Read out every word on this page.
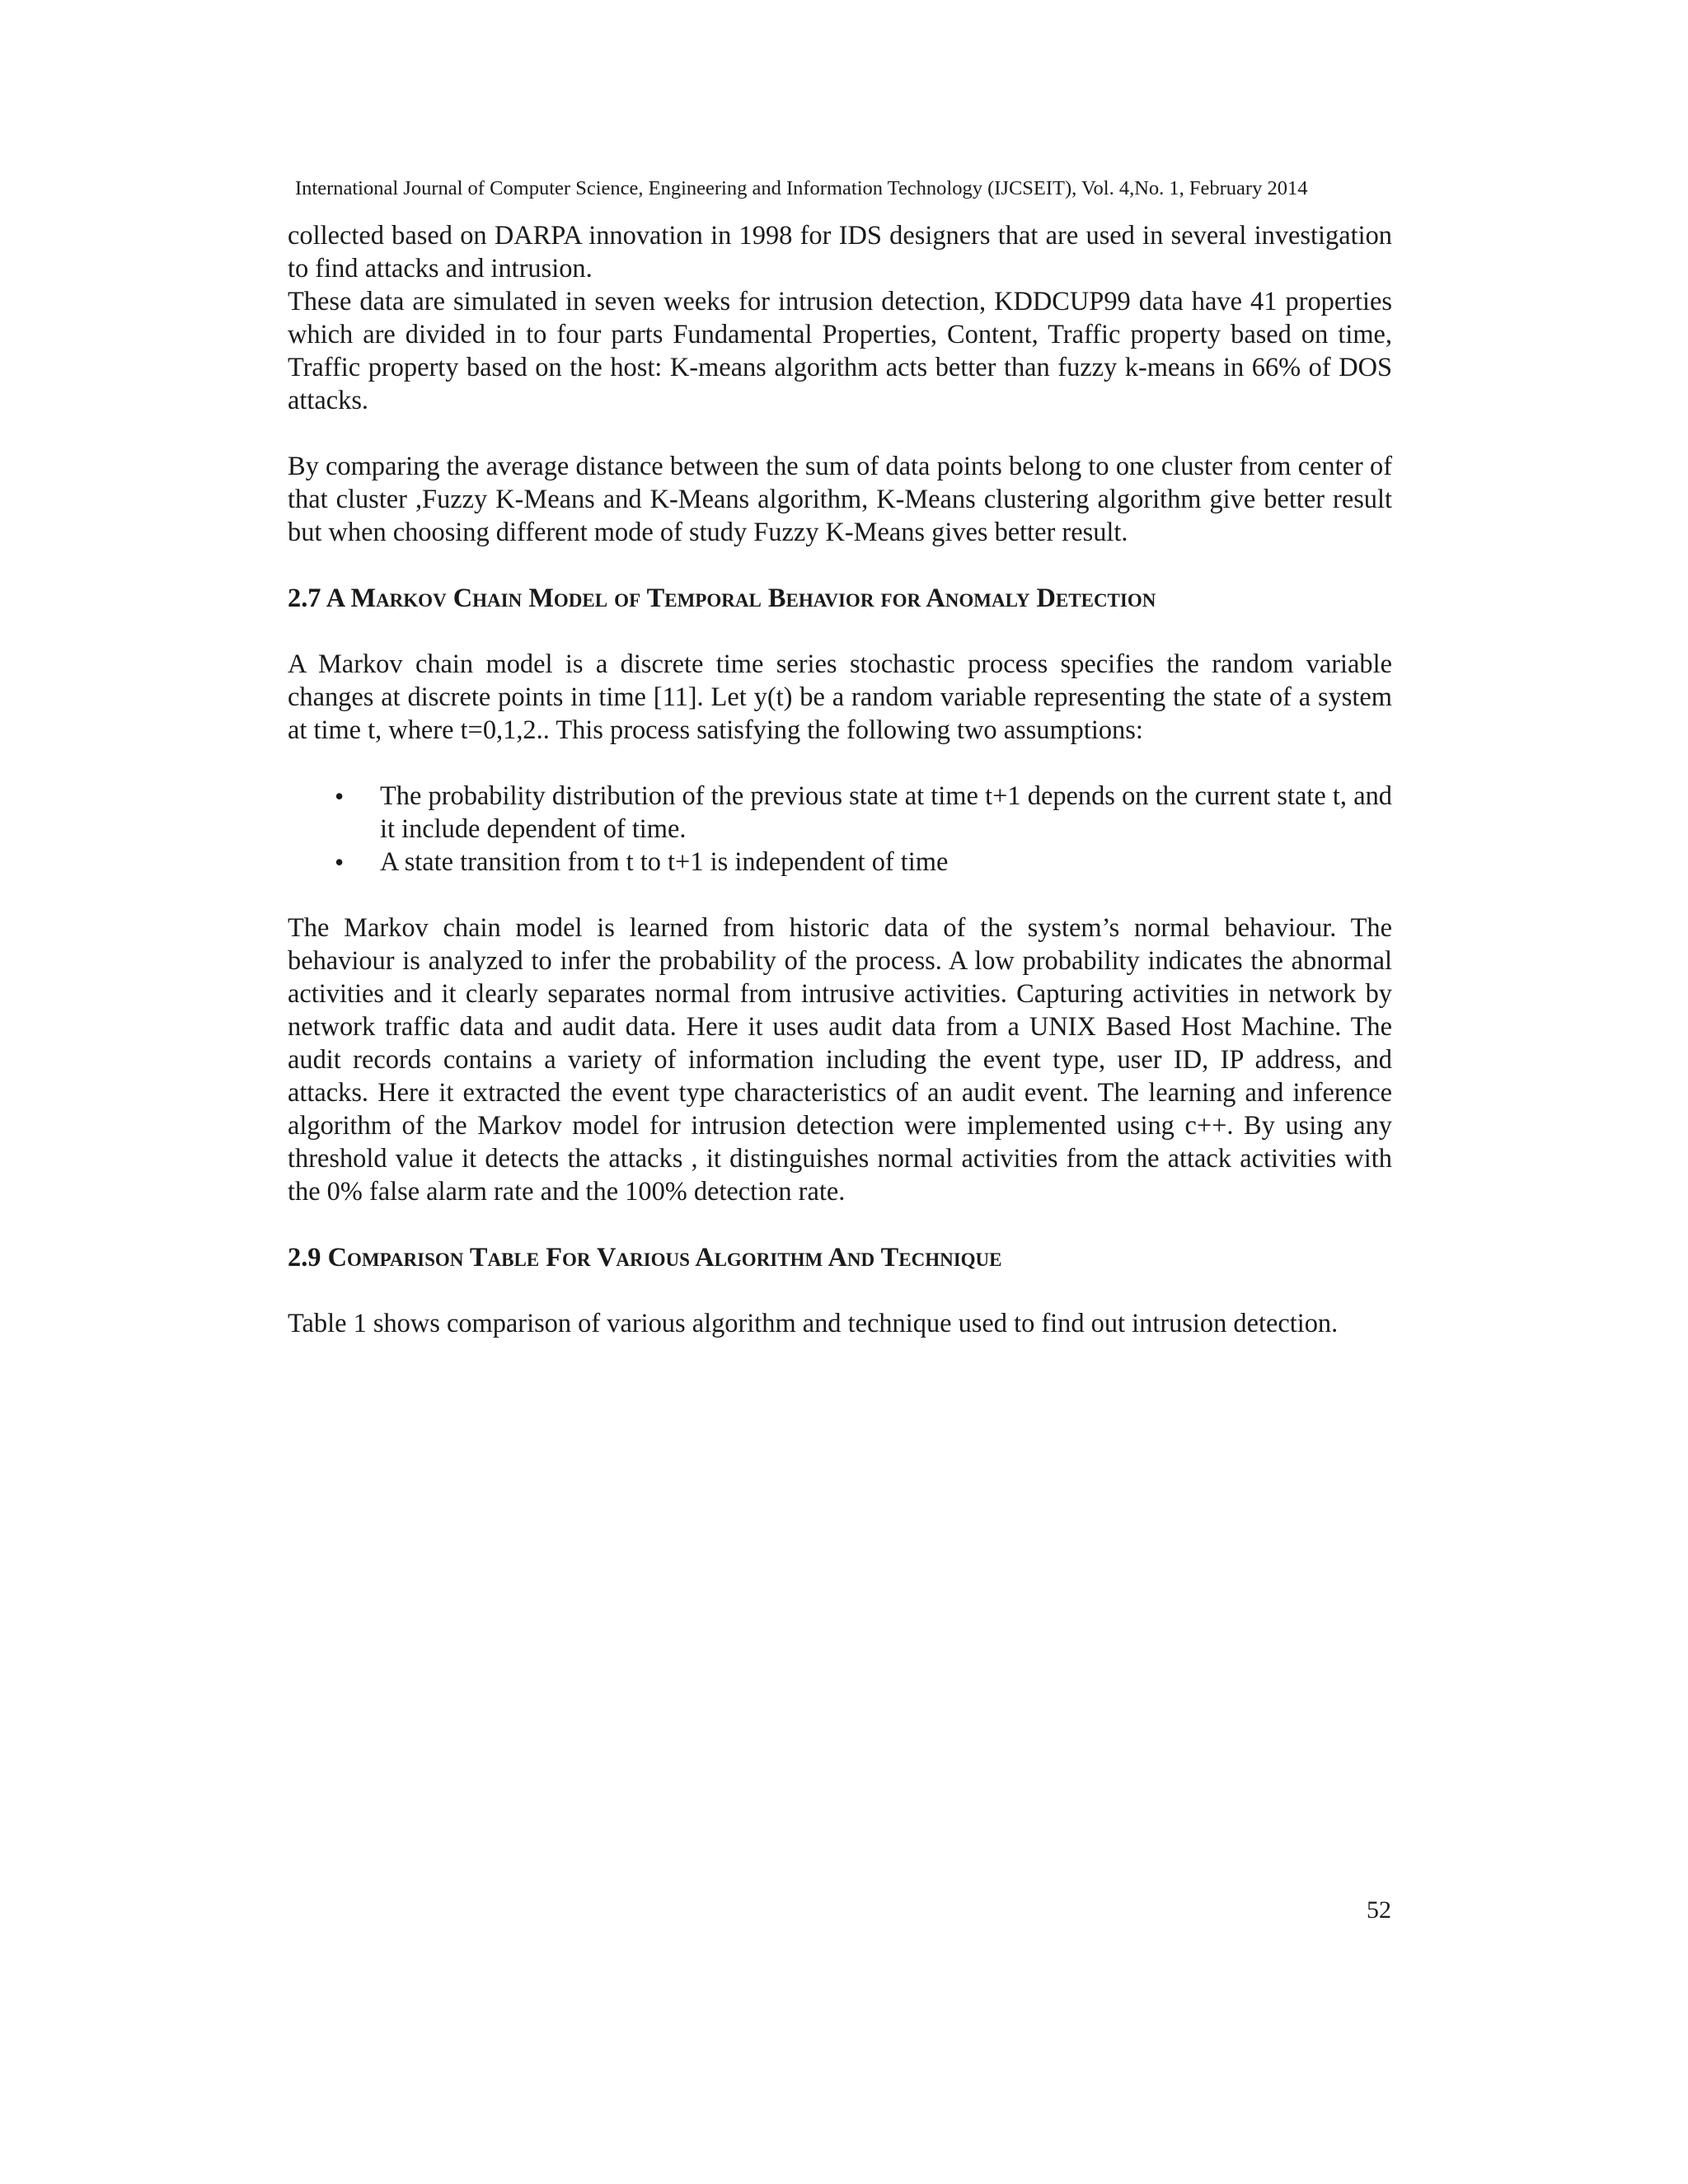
International Journal of Computer Science, Engineering and Information Technology (IJCSEIT), Vol. 4,No. 1, February 2014

collected based on DARPA innovation in 1998 for IDS designers that are used in several investigation to find attacks and intrusion.

These data are simulated in seven weeks for intrusion detection, KDDCUP99 data have 41 properties which are divided in to four parts Fundamental Properties, Content, Traffic property based on time, Traffic property based on the host: K-means algorithm acts better than fuzzy k-means in 66% of DOS attacks.

By comparing the average distance between the sum of data points belong to one cluster from center of that cluster ,Fuzzy K-Means and K-Means algorithm, K-Means clustering algorithm give better result but when choosing different mode of study Fuzzy K-Means gives better result.

2.7 A Markov Chain Model of Temporal Behavior for Anomaly Detection

A Markov chain model is a discrete time series stochastic process specifies the random variable changes at discrete points in time [11]. Let y(t) be a random variable representing the state of a system at time t, where t=0,1,2.. This process satisfying the following two assumptions:

• The probability distribution of the previous state at time t+1 depends on the current state t, and it include dependent of time.
• A state transition from t to t+1 is independent of time

The Markov chain model is learned from historic data of the system’s normal behaviour. The behaviour is analyzed to infer the probability of the process. A low probability indicates the abnormal activities and it clearly separates normal from intrusive activities. Capturing activities in network by network traffic data and audit data. Here it uses audit data from a UNIX Based Host Machine. The audit records contains a variety of information including the event type, user ID, IP address, and attacks. Here it extracted the event type characteristics of an audit event. The learning and inference algorithm of the Markov model for intrusion detection were implemented using c++. By using any threshold value it detects the attacks , it distinguishes normal activities from the attack activities with the 0% false alarm rate and the 100% detection rate.

2.9 Comparison Table For Various Algorithm And Technique

Table 1 shows comparison of various algorithm and technique used to find out intrusion detection.

52
